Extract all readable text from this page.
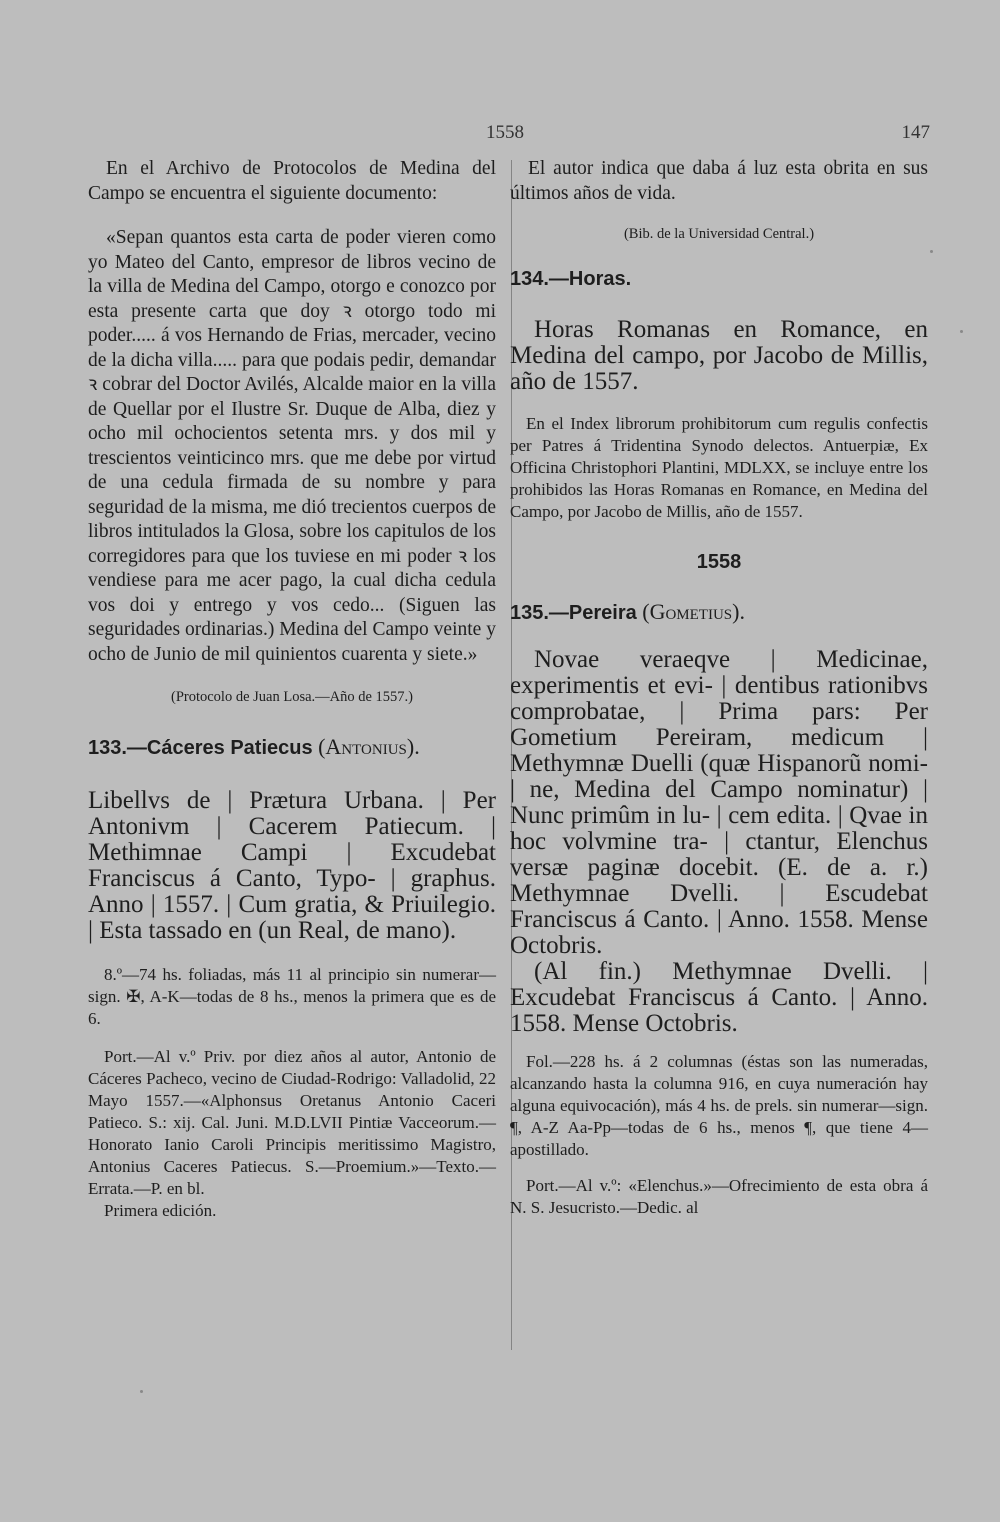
1558	147

En el Archivo de Protocolos de Medina del Campo se encuentra el siguiente documento:

«Sepan quantos esta carta de poder vieren como yo Mateo del Canto, empresor de libros vecino de la villa de Medina del Campo, otorgo e conozco por esta presente carta que doy ꝛ otorgo todo mi poder..... á vos Hernando de Frias, mercader, vecino de la dicha villa..... para que podais pedir, demandar ꝛ cobrar del Doctor Avilés, Alcalde maior en la villa de Quellar por el Ilustre Sr. Duque de Alba, diez y ocho mil ochocientos setenta mrs. y dos mil y trescientos veinticinco mrs. que me debe por virtud de una cedula firmada de su nombre y para seguridad de la misma, me dió trecientos cuerpos de libros intitulados la Glosa, sobre los capitulos de los corregidores para que los tuviese en mi poder ꝛ los vendiese para me acer pago, la cual dicha cedula vos doi y entrego y vos cedo... (Siguen las seguridades ordinarias.) Medina del Campo veinte y ocho de Junio de mil quinientos cuarenta y siete.»

(Protocolo de Juan Losa.—Año de 1557.)

133.—Cáceres Patiecus (Antonius).

Libellvs de | Prætura Urbana. | Per Antonivm | Cacerem Patiecum. | Methimnae Campi | Excudebat Franciscus á Canto, Typo- | graphus. Anno | 1557. | Cum gratia, & Priuilegio. | Esta tassado en (un Real, de mano).

8.º—74 hs. foliadas, más 11 al principio sin numerar—sign. ✠, A-K—todas de 8 hs., menos la primera que es de 6.

Port.—Al v.º Priv. por diez años al autor, Antonio de Cáceres Pacheco, vecino de Ciudad-Rodrigo: Valladolid, 22 Mayo 1557.—«Alphonsus Oretanus Antonio Caceri Patieco. S.: xij. Cal. Juni. M.D.LVII Pintiæ Vacceorum.—Honorato Ianio Caroli Principis meritissimo Magistro, Antonius Caceres Patiecus. S.—Proemium.»—Texto.—Errata.—P. en bl.

Primera edición.

El autor indica que daba á luz esta obrita en sus últimos años de vida.

(Bib. de la Universidad Central.)

134.—Horas.

Horas Romanas en Romance, en Medina del campo, por Jacobo de Millis, año de 1557.

En el Index librorum prohibitorum cum regulis confectis per Patres á Tridentina Synodo delectos. Antuerpiæ, Ex Officina Christophori Plantini, MDLXX, se incluye entre los prohibidos las Horas Romanas en Romance, en Medina del Campo, por Jacobo de Millis, año de 1557.

1558

135.—Pereira (Gometius).

Novae veraeqve | Medicinae, experimentis et evi- | dentibus rationibvs comprobatae, | Prima pars: Per Gometium Pereiram, medicum | Methymnæ Duelli (quæ Hispanorũ nomi- | ne, Medina del Campo nominatur) | Nunc primûm in lu- | cem edita. | Qvae in hoc volvmine tra- | ctantur, Elenchus versæ paginæ docebit. (E. de a. r.) Methymnae Dvelli. | Escudebat Franciscus á Canto. | Anno. 1558. Mense Octobris.

(Al fin.) Methymnae Dvelli. | Excudebat Franciscus á Canto. | Anno. 1558. Mense Octobris.

Fol.—228 hs. á 2 columnas (éstas son las numeradas, alcanzando hasta la columna 916, en cuya numeración hay alguna equivocación), más 4 hs. de prels. sin numerar—sign. ¶, A-Z Aa-Pp—todas de 6 hs., menos ¶, que tiene 4—apostillado.

Port.—Al v.º: «Elenchus.»—Ofrecimiento de esta obra á N. S. Jesucristo.—Dedic. al
